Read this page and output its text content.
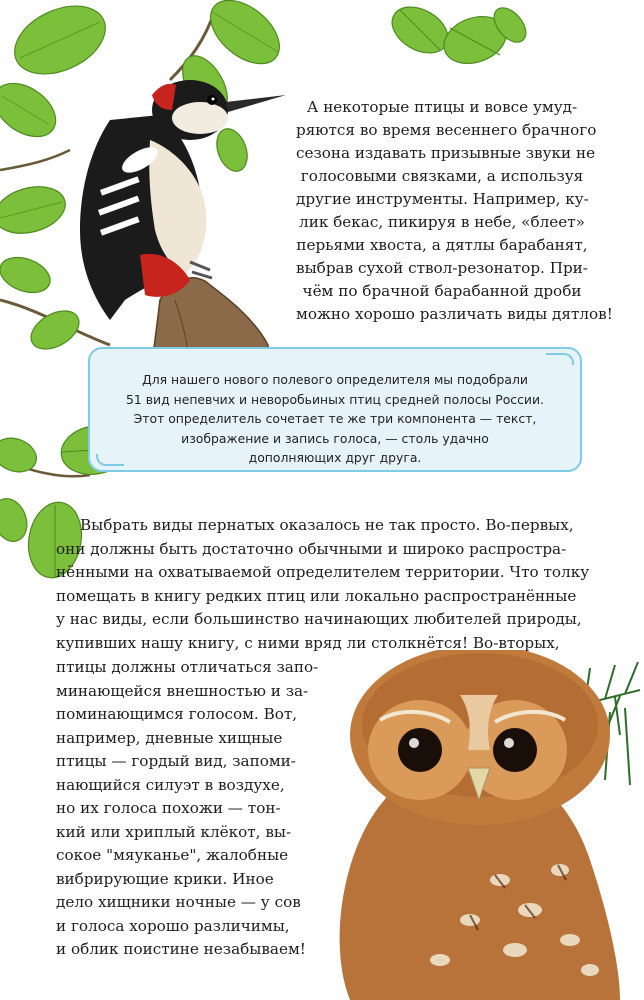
А некоторые птицы и вовсе умуд-
ряются во время весеннего брачного
сезона издавать призывные звуки не
голосовыми связками, а используя
другие инструменты. Например, ку-
лик бекас, пикируя в небе, «блеет»
перьями хвоста, а дятлы барабанят,
выбрав сухой ствол-резонатор. При-
чём по брачной барабанной дроби
можно хорошо различать виды дятлов!

Для нашего нового полевого определителя мы подобрали
51 вид непевчих и неворобьиных птиц средней полосы России.
Этот определитель сочетает те же три компонента — текст,
изображение и запись голоса, — столь удачно
дополняющих друг друга.
Выбрать виды пернатых оказалось не так просто. Во-первых,
они должны быть достаточно обычными и широко распростра-
нёнными на охватываемой определителем территории. Что толку
помещать в книгу редких птиц или локально распространённые
у нас виды, если большинство начинающих любителей природы,
купивших нашу книгу, с ними вряд ли столкнётся! Во-вторых,
птицы должны отличаться запо-
минающейся внешностью и за-
поминающимся голосом. Вот,
например, дневные хищные
птицы — гордый вид, запоми-
нающийся силуэт в воздухе,
но их голоса похожи — тон-
кий или хриплый клёкот, вы-
сокое "мяуканье", жалобные
вибрирующие крики. Иное
дело хищники ночные — у сов
и голоса хорошо различимы,
и облик поистине незабываем!
